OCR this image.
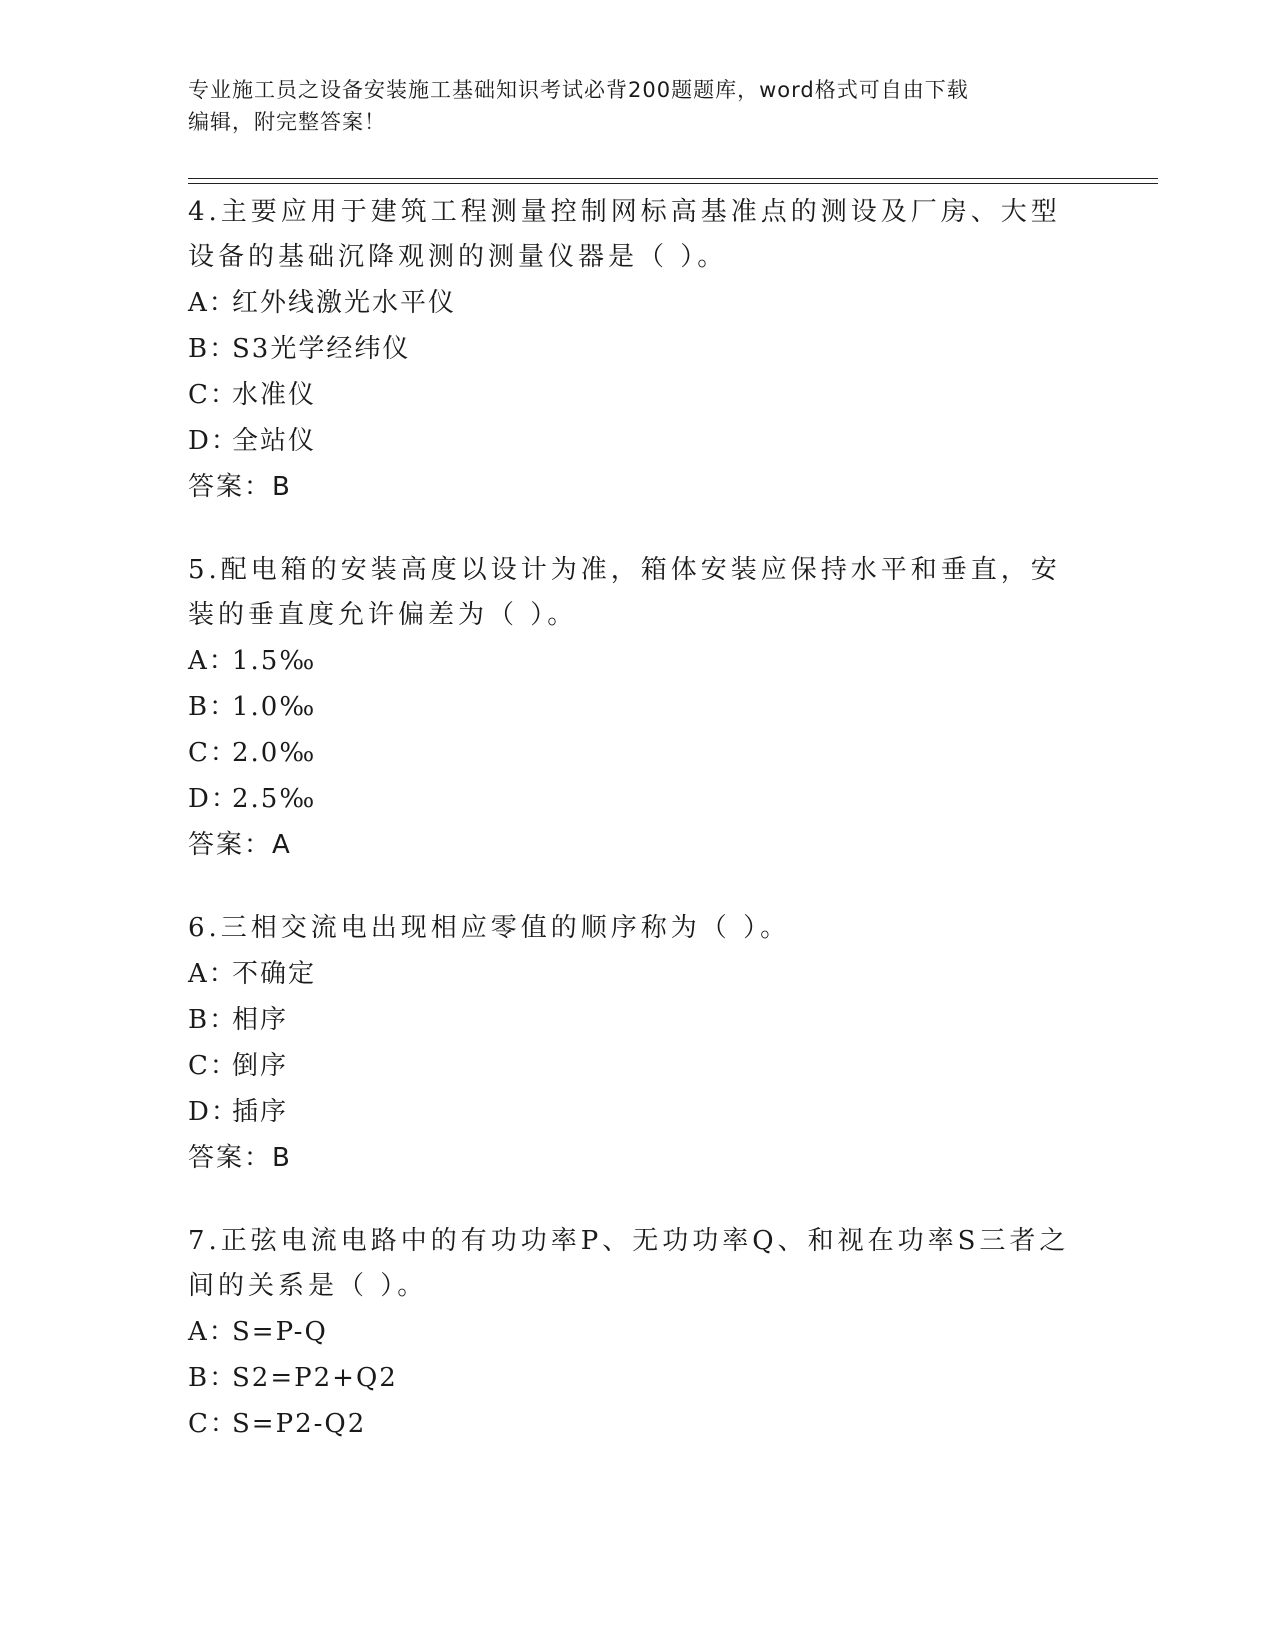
专业施工员之设备安装施工基础知识考试必背200题题库，word格式可自由下载
编辑，附完整答案！
4.主要应用于建筑工程测量控制网标高基准点的测设及厂房、大型设备的基础沉降观测的测量仪器是（ ）。
A：红外线激光水平仪
B：S3光学经纬仪
C：水准仪
D：全站仪
答案：B
5.配电箱的安装高度以设计为准，箱体安装应保持水平和垂直，安装的垂直度允许偏差为（ ）。
A：1.5‰
B：1.0‰
C：2.0‰
D：2.5‰
答案：A
6.三相交流电出现相应零值的顺序称为（ ）。
A：不确定
B：相序
C：倒序
D：插序
答案：B
7.正弦电流电路中的有功功率P、无功功率Q、和视在功率S三者之间的关系是（ ）。
A：S=P-Q
B：S2=P2+Q2
C：S=P2-Q2
